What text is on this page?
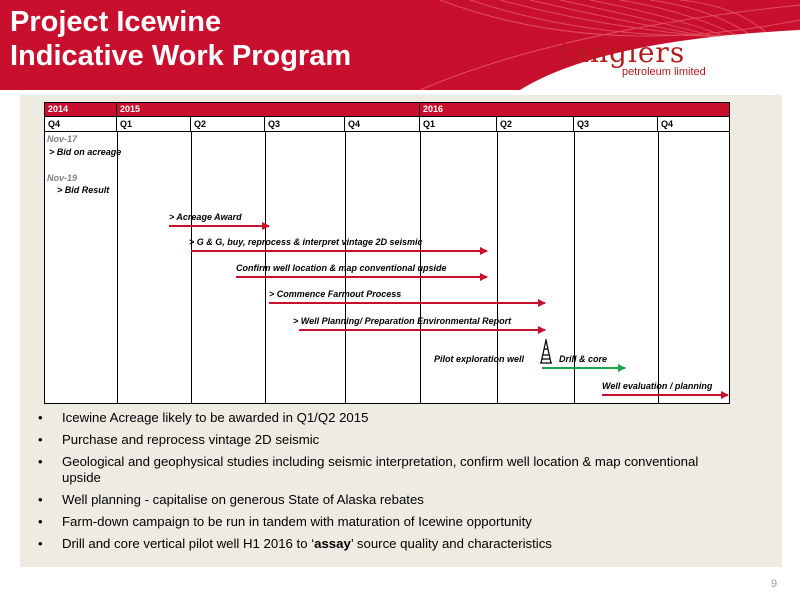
Project Icewine
Indicative Work Program	tangiers
petroleum limited
2014	2015	2016
Q4	Q1	Q2	Q3	Q4	Q1	Q2	Q3	Q4
Nov-17
> Bid on acreage
Nov-19
> Bid Result
> Acreage Award
> G & G, buy, reprocess & interpret vintage 2D seismic
Confirm well location & map conventional upside
> Commence Farmout Process
> Well Planning/ Preparation Environmental Report
Pilot exploration well	Drill & core
Well evaluation / planning
• Icewine Acreage likely to be awarded in Q1/Q2 2015
• Purchase and reprocess vintage 2D seismic
• Geological and geophysical studies including seismic interpretation, confirm well location & map conventional upside
• Well planning - capitalise on generous State of Alaska rebates
• Farm-down campaign to be run in tandem with maturation of Icewine opportunity
• Drill and core vertical pilot well H1 2016 to ‘assay’ source quality and characteristics
9
